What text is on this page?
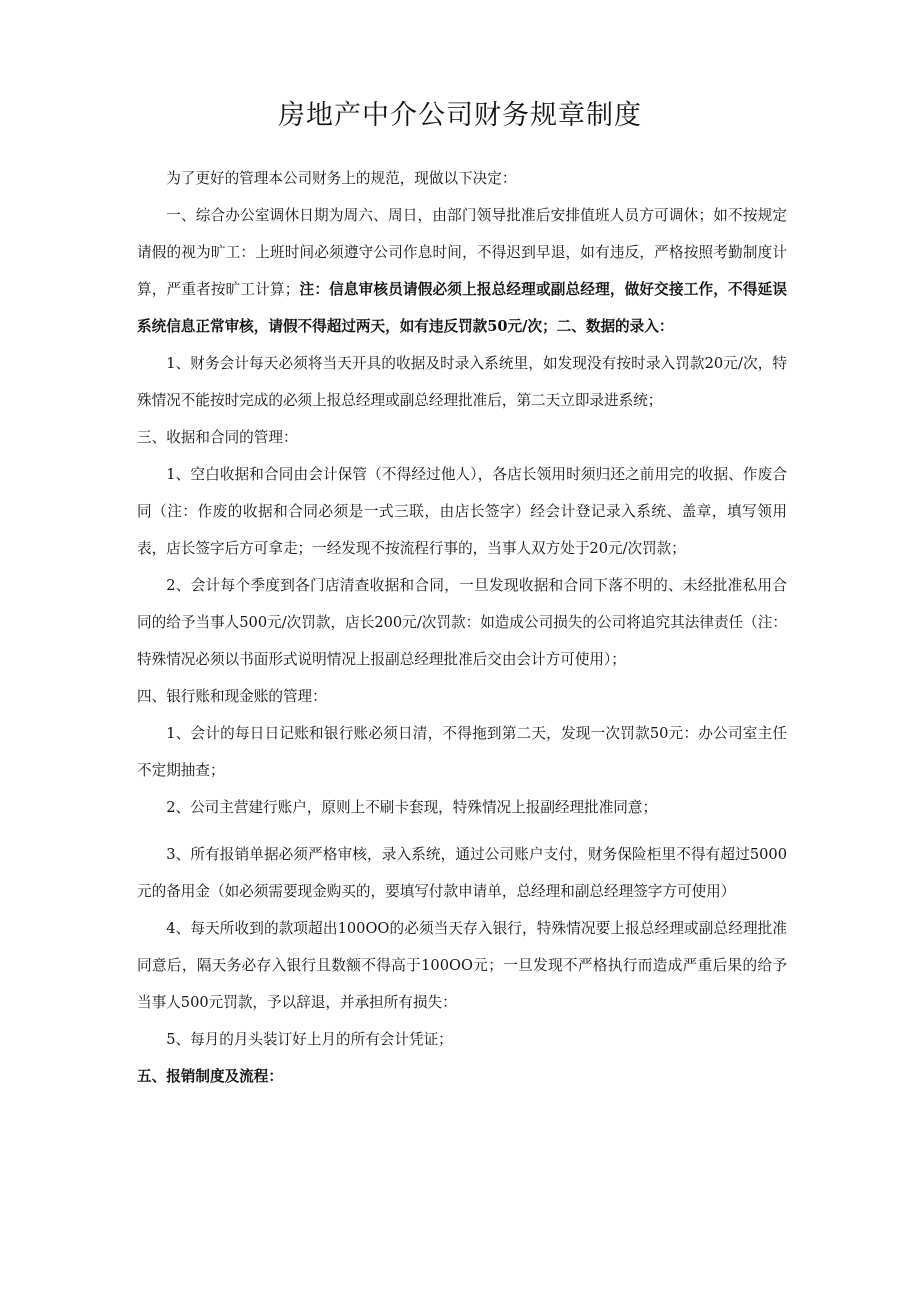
房地产中介公司财务规章制度

为了更好的管理本公司财务上的规范，现做以下决定：

一、综合办公室调休日期为周六、周日，由部门领导批准后安排值班人员方可调休；如不按规定请假的视为旷工：上班时间必须遵守公司作息时间，不得迟到早退，如有违反，严格按照考勤制度计算，严重者按旷工计算；注：信息审核员请假必须上报总经理或副总经理，做好交接工作，不得延误系统信息正常审核，请假不得超过两天，如有违反罚款50元/次；二、数据的录入：

1、财务会计每天必须将当天开具的收据及时录入系统里，如发现没有按时录入罚款20元/次，特殊情况不能按时完成的必须上报总经理或副总经理批准后，第二天立即录进系统；

三、收据和合同的管理：

1、空白收据和合同由会计保管（不得经过他人），各店长领用时须归还之前用完的收据、作废合同（注：作废的收据和合同必须是一式三联，由店长签字）经会计登记录入系统、盖章，填写领用表，店长签字后方可拿走；一经发现不按流程行事的，当事人双方处于20元/次罚款；

2、会计每个季度到各门店清查收据和合同，一旦发现收据和合同下落不明的、未经批准私用合同的给予当事人500元/次罚款，店长200元/次罚款：如造成公司损失的公司将追究其法律责任（注：特殊情况必须以书面形式说明情况上报副总经理批准后交由会计方可使用）；

四、银行账和现金账的管理：

1、会计的每日日记账和银行账必须日清，不得拖到第二天，发现一次罚款50元：办公司室主任不定期抽查；

2、公司主营建行账户，原则上不刷卡套现，特殊情况上报副经理批准同意；

3、所有报销单据必须严格审核，录入系统，通过公司账户支付，财务保险柜里不得有超过5000元的备用金（如必须需要现金购买的，要填写付款申请单，总经理和副总经理签字方可使用）

4、每天所收到的款项超出100OO的必须当天存入银行，特殊情况要上报总经理或副总经理批准同意后，隔天务必存入银行且数额不得高于100OO元；一旦发现不严格执行而造成严重后果的给予当事人500元罚款，予以辞退，并承担所有损失：

5、每月的月头装订好上月的所有会计凭证；

五、报销制度及流程：
